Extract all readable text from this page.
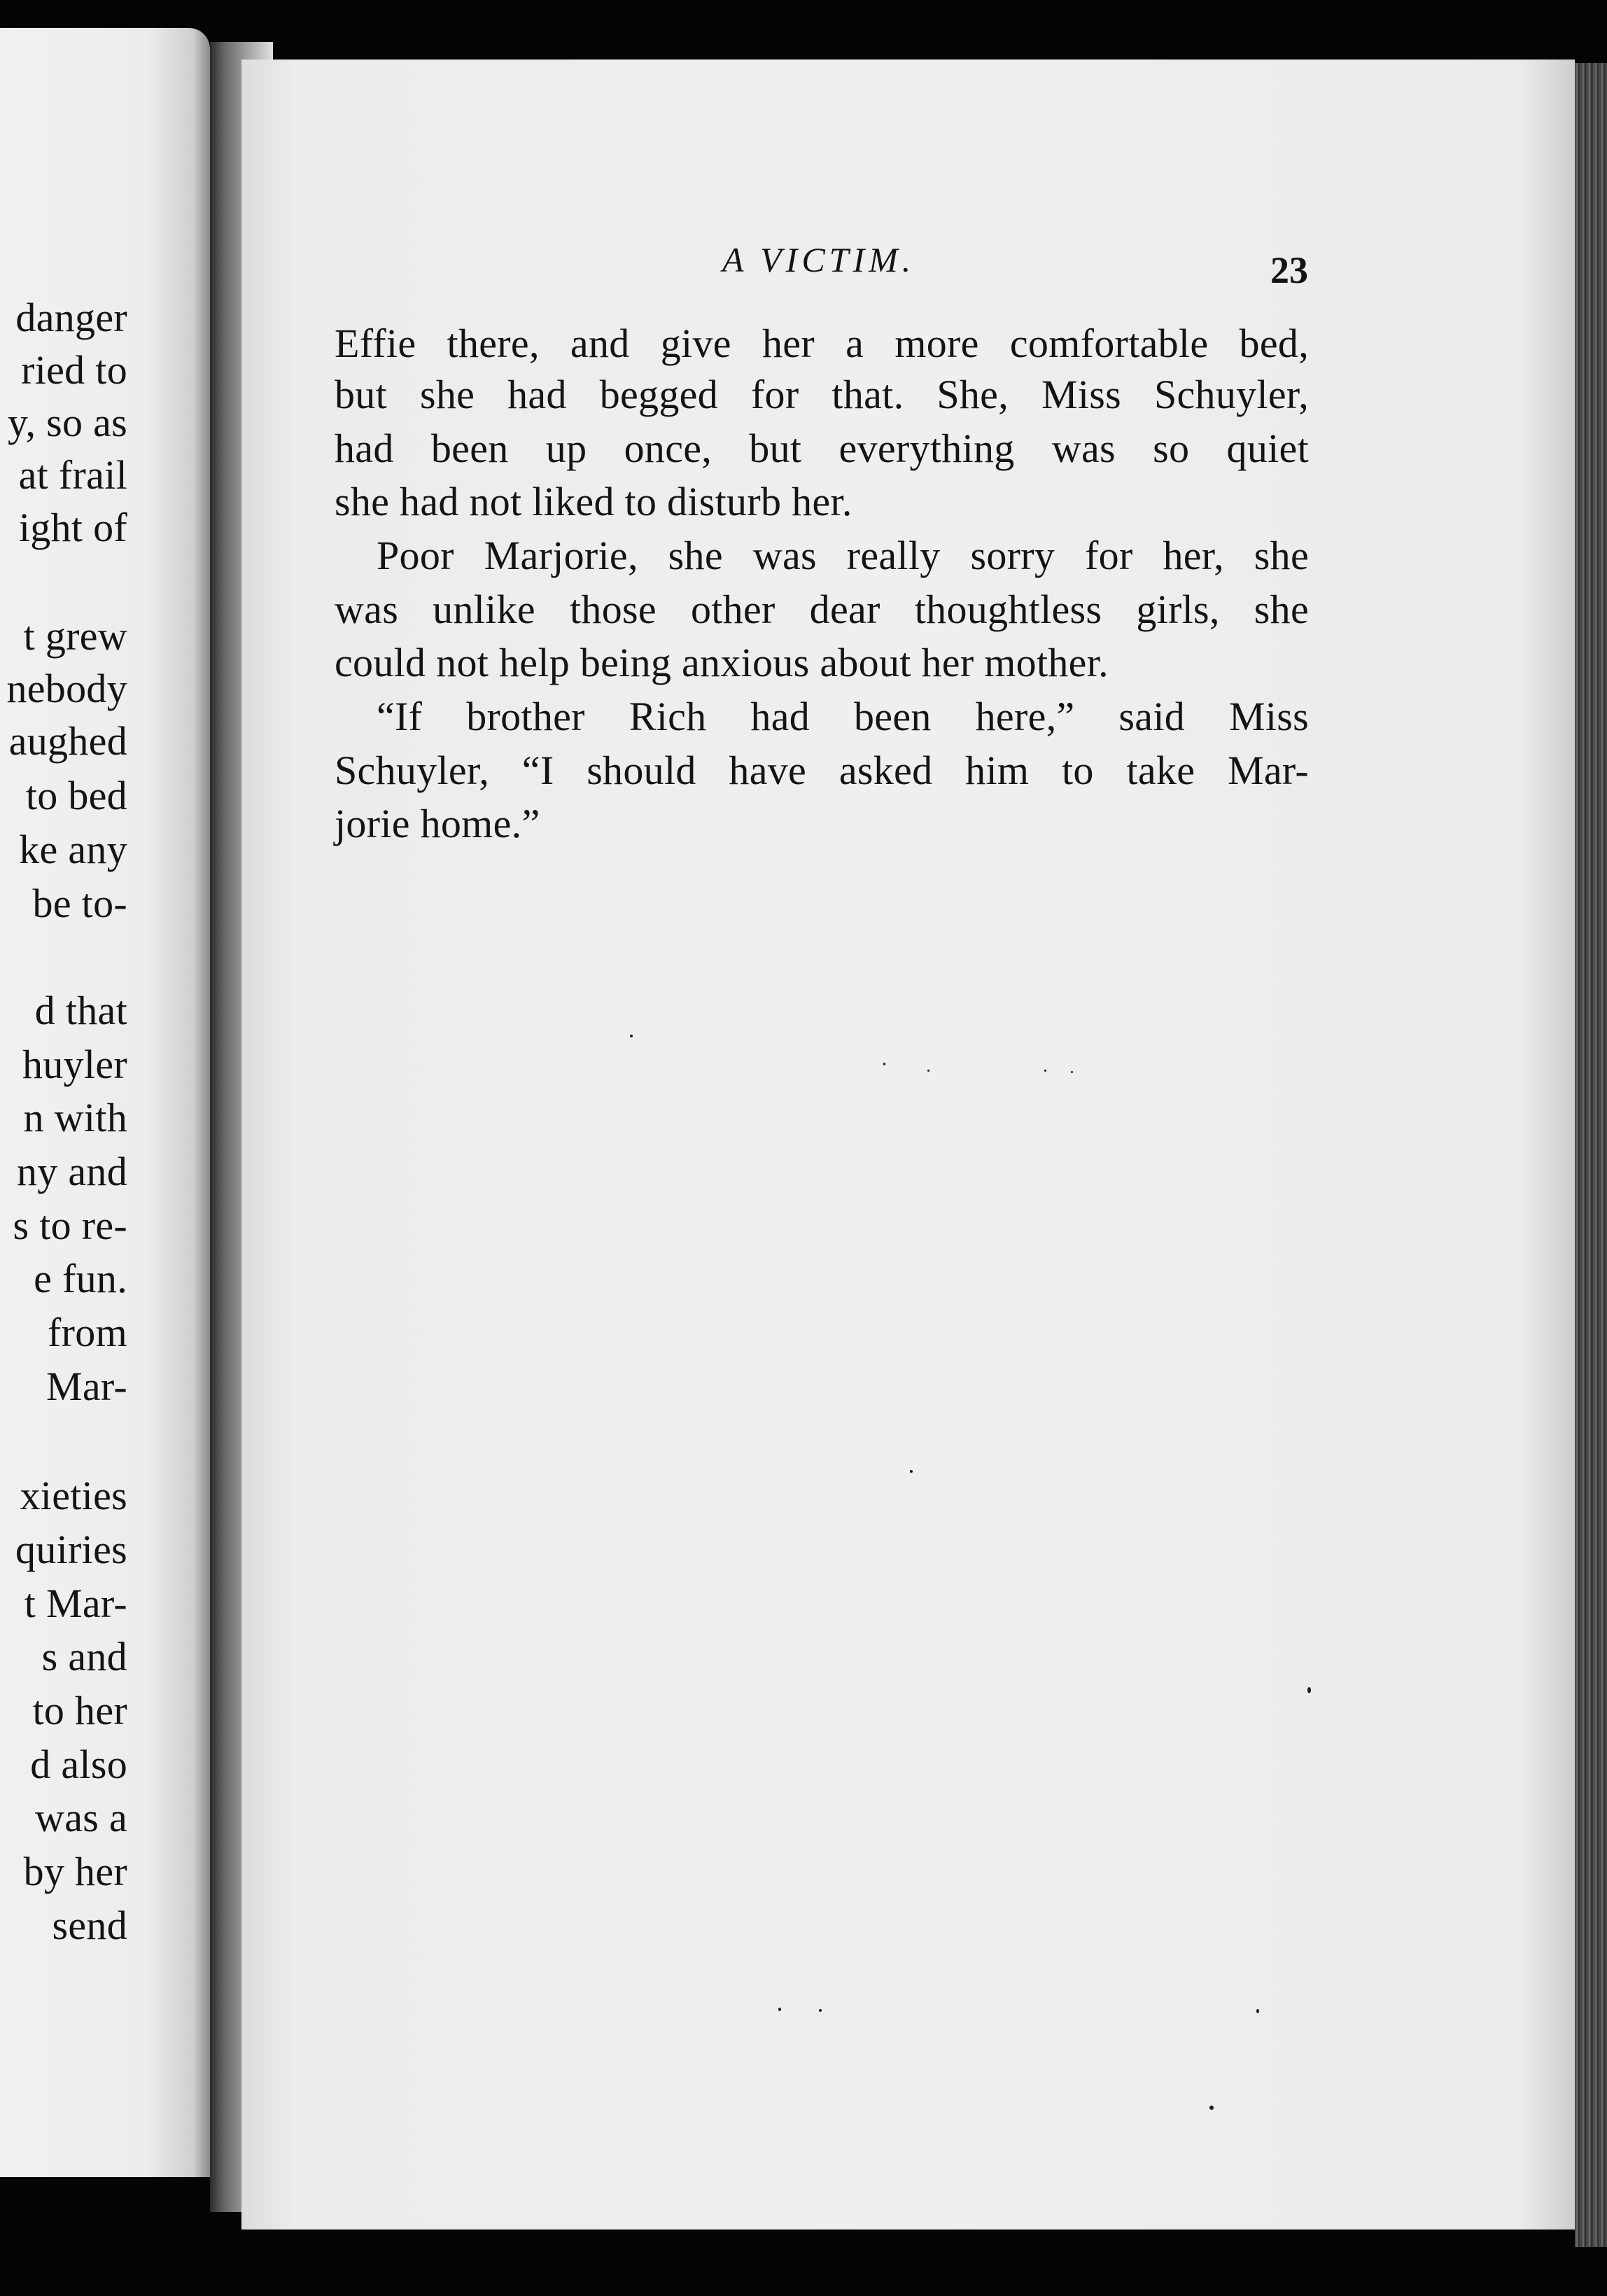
A VICTIM.	23
danger
ried to
y, so as
at frail
ight of
t grew
nebody
aughed
to bed
ke any
be to-
d that
huyler
n with
ny and
s to re-
e fun.
from
Mar-
xieties
quiries
t Mar-
s and
to her
d also
was a
by her
send
Effie there, and give her a more comfortable bed,
but she had begged for that. She, Miss Schuyler,
had been up once, but everything was so quiet
she had not liked to disturb her.
Poor Marjorie, she was really sorry for her, she
was unlike those other dear thoughtless girls, she
could not help being anxious about her mother.
“If brother Rich had been here,” said Miss
Schuyler, “I should have asked him to take Mar-
jorie home.”
